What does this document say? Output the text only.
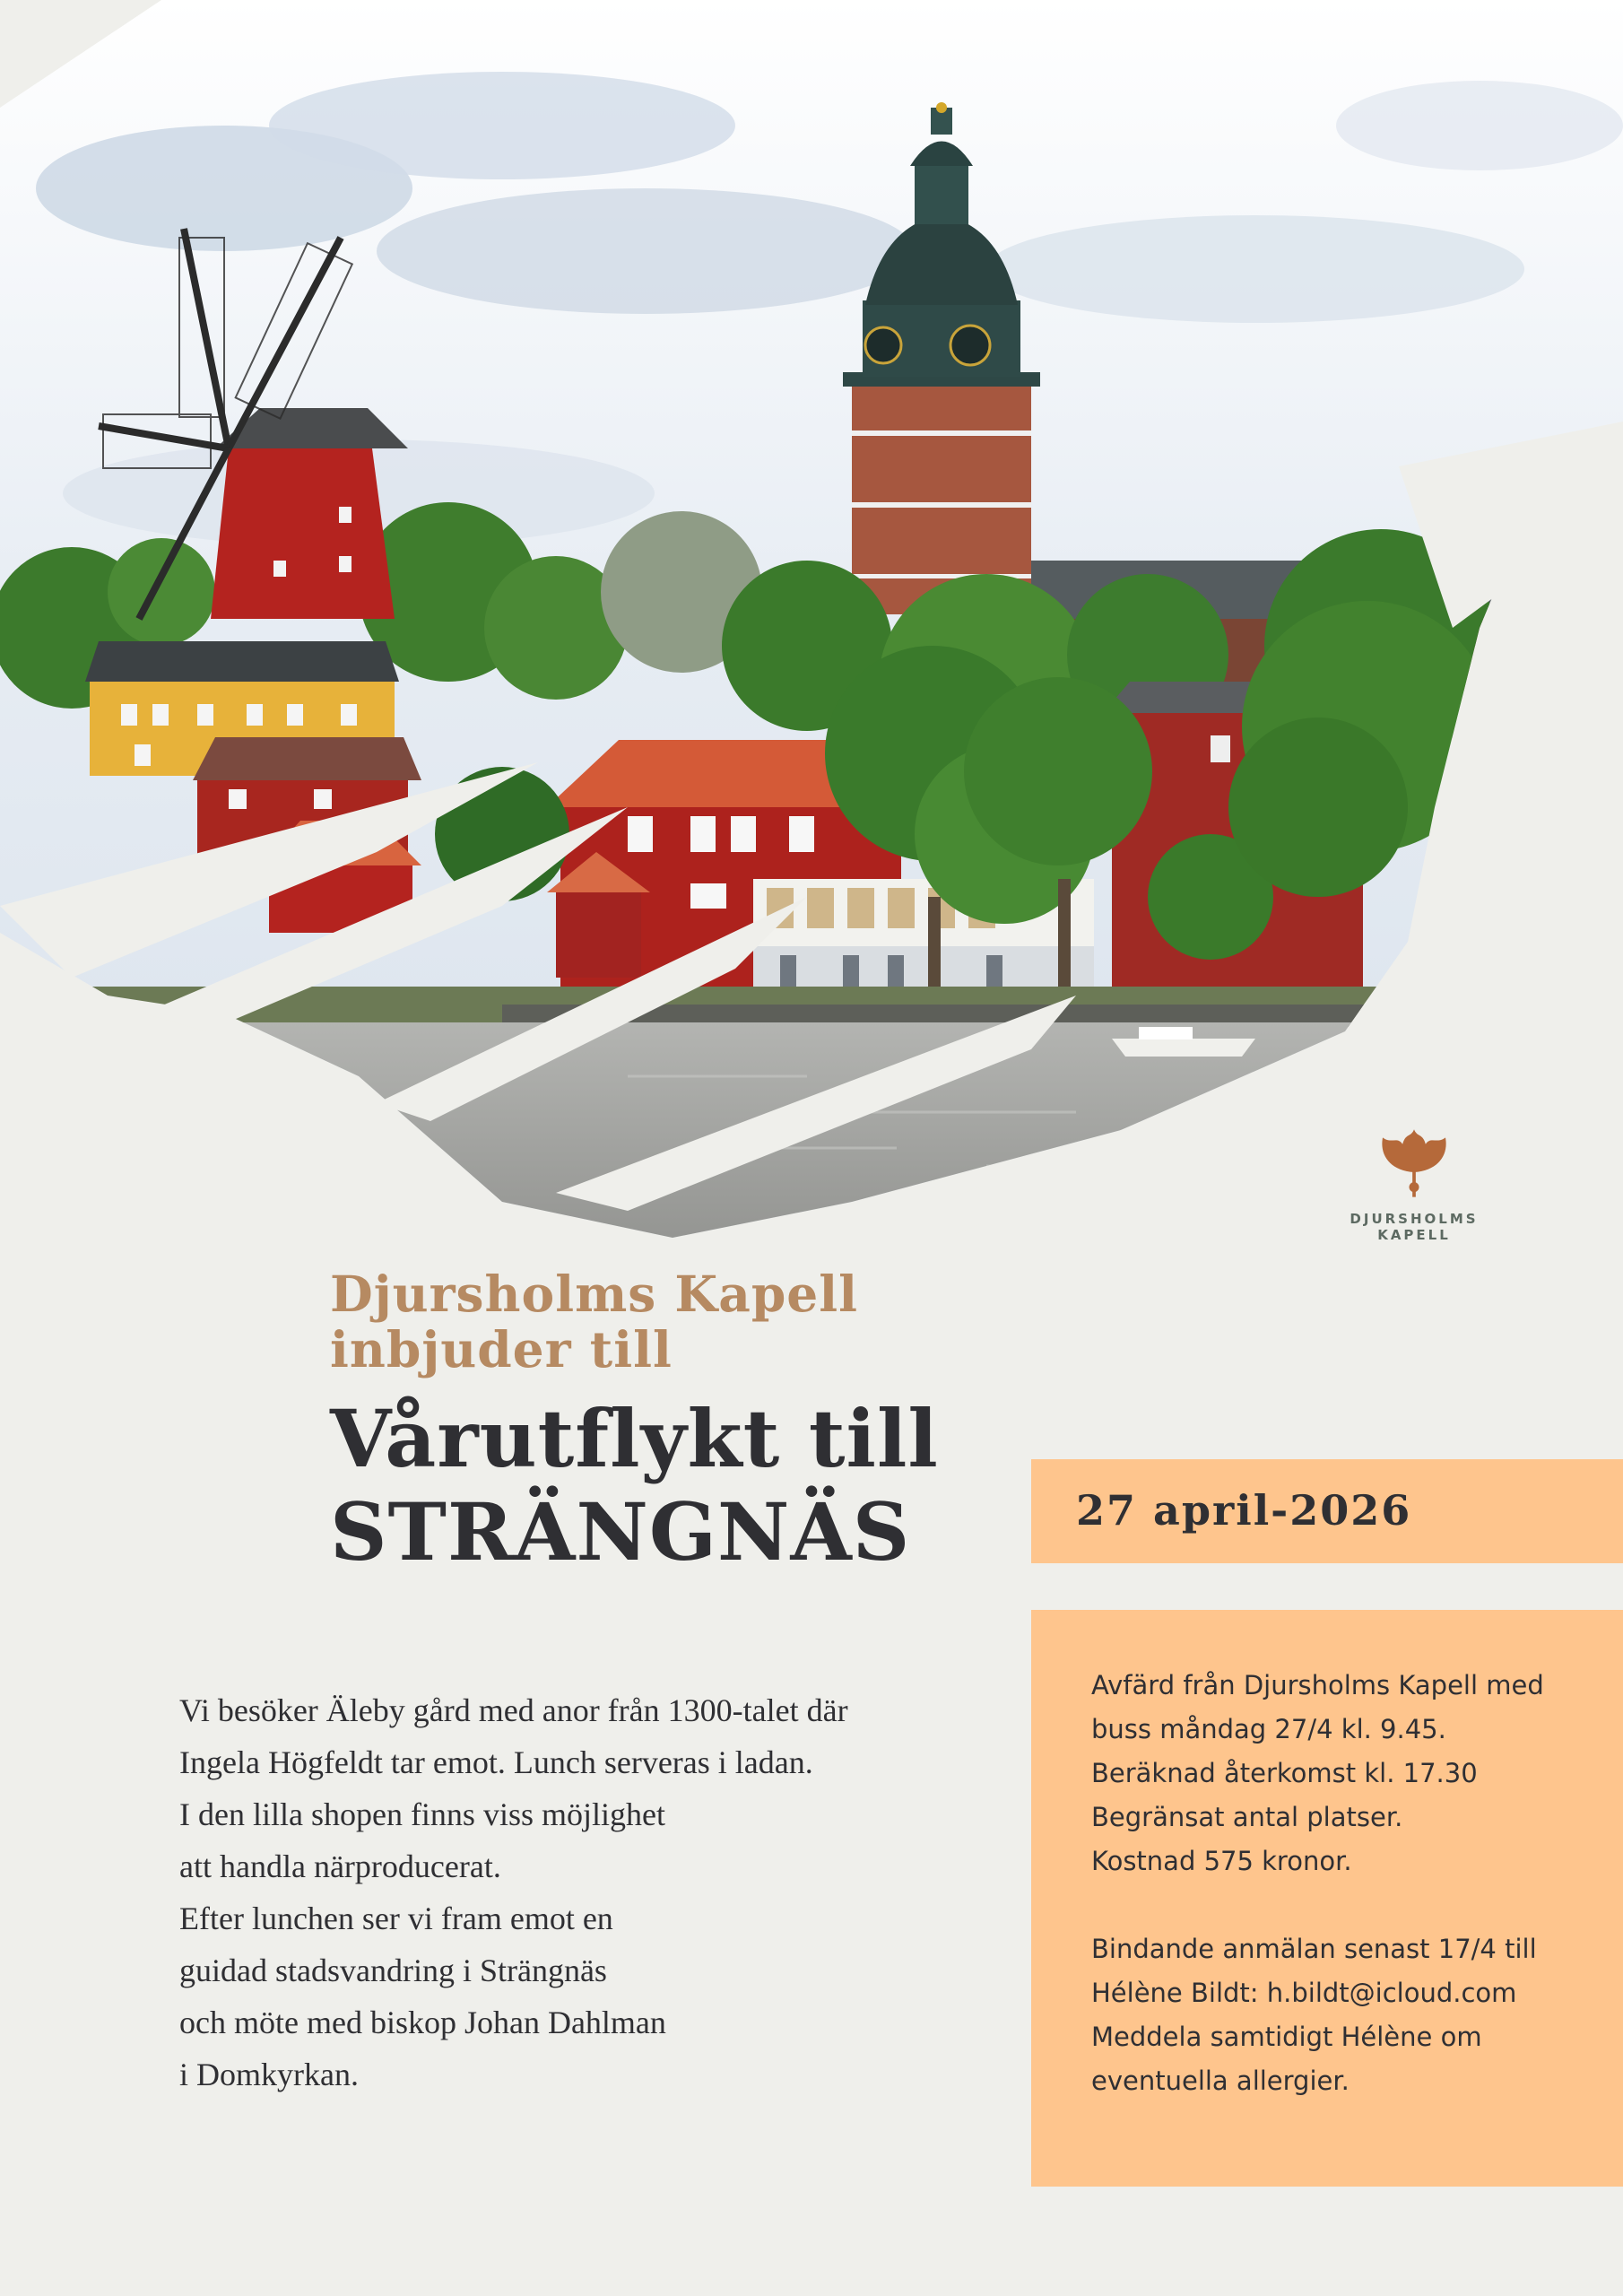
DJURSHOLMS KAPELL
Djursholms Kapell
inbjuder till
Vårutflykt till
STRÄNGNÄS	27 april-2026
Avfärd från Djursholms Kapell med
buss måndag 27/4 kl. 9.45.
Beräknad återkomst kl. 17.30
Begränsat antal platser.
Kostnad 575 kronor.
Bindande anmälan senast 17/4 till
Hélène Bildt: h.bildt@icloud.com
Meddela samtidigt Hélène om
eventuella allergier.
Vi besöker Äleby gård med anor från 1300-talet där
Ingela Högfeldt tar emot. Lunch serveras i ladan.
I den lilla shopen finns viss möjlighet
att handla närproducerat.
Efter lunchen ser vi fram emot en
guidad stadsvandring i Strängnäs
och möte med biskop Johan Dahlman
i Domkyrkan.
